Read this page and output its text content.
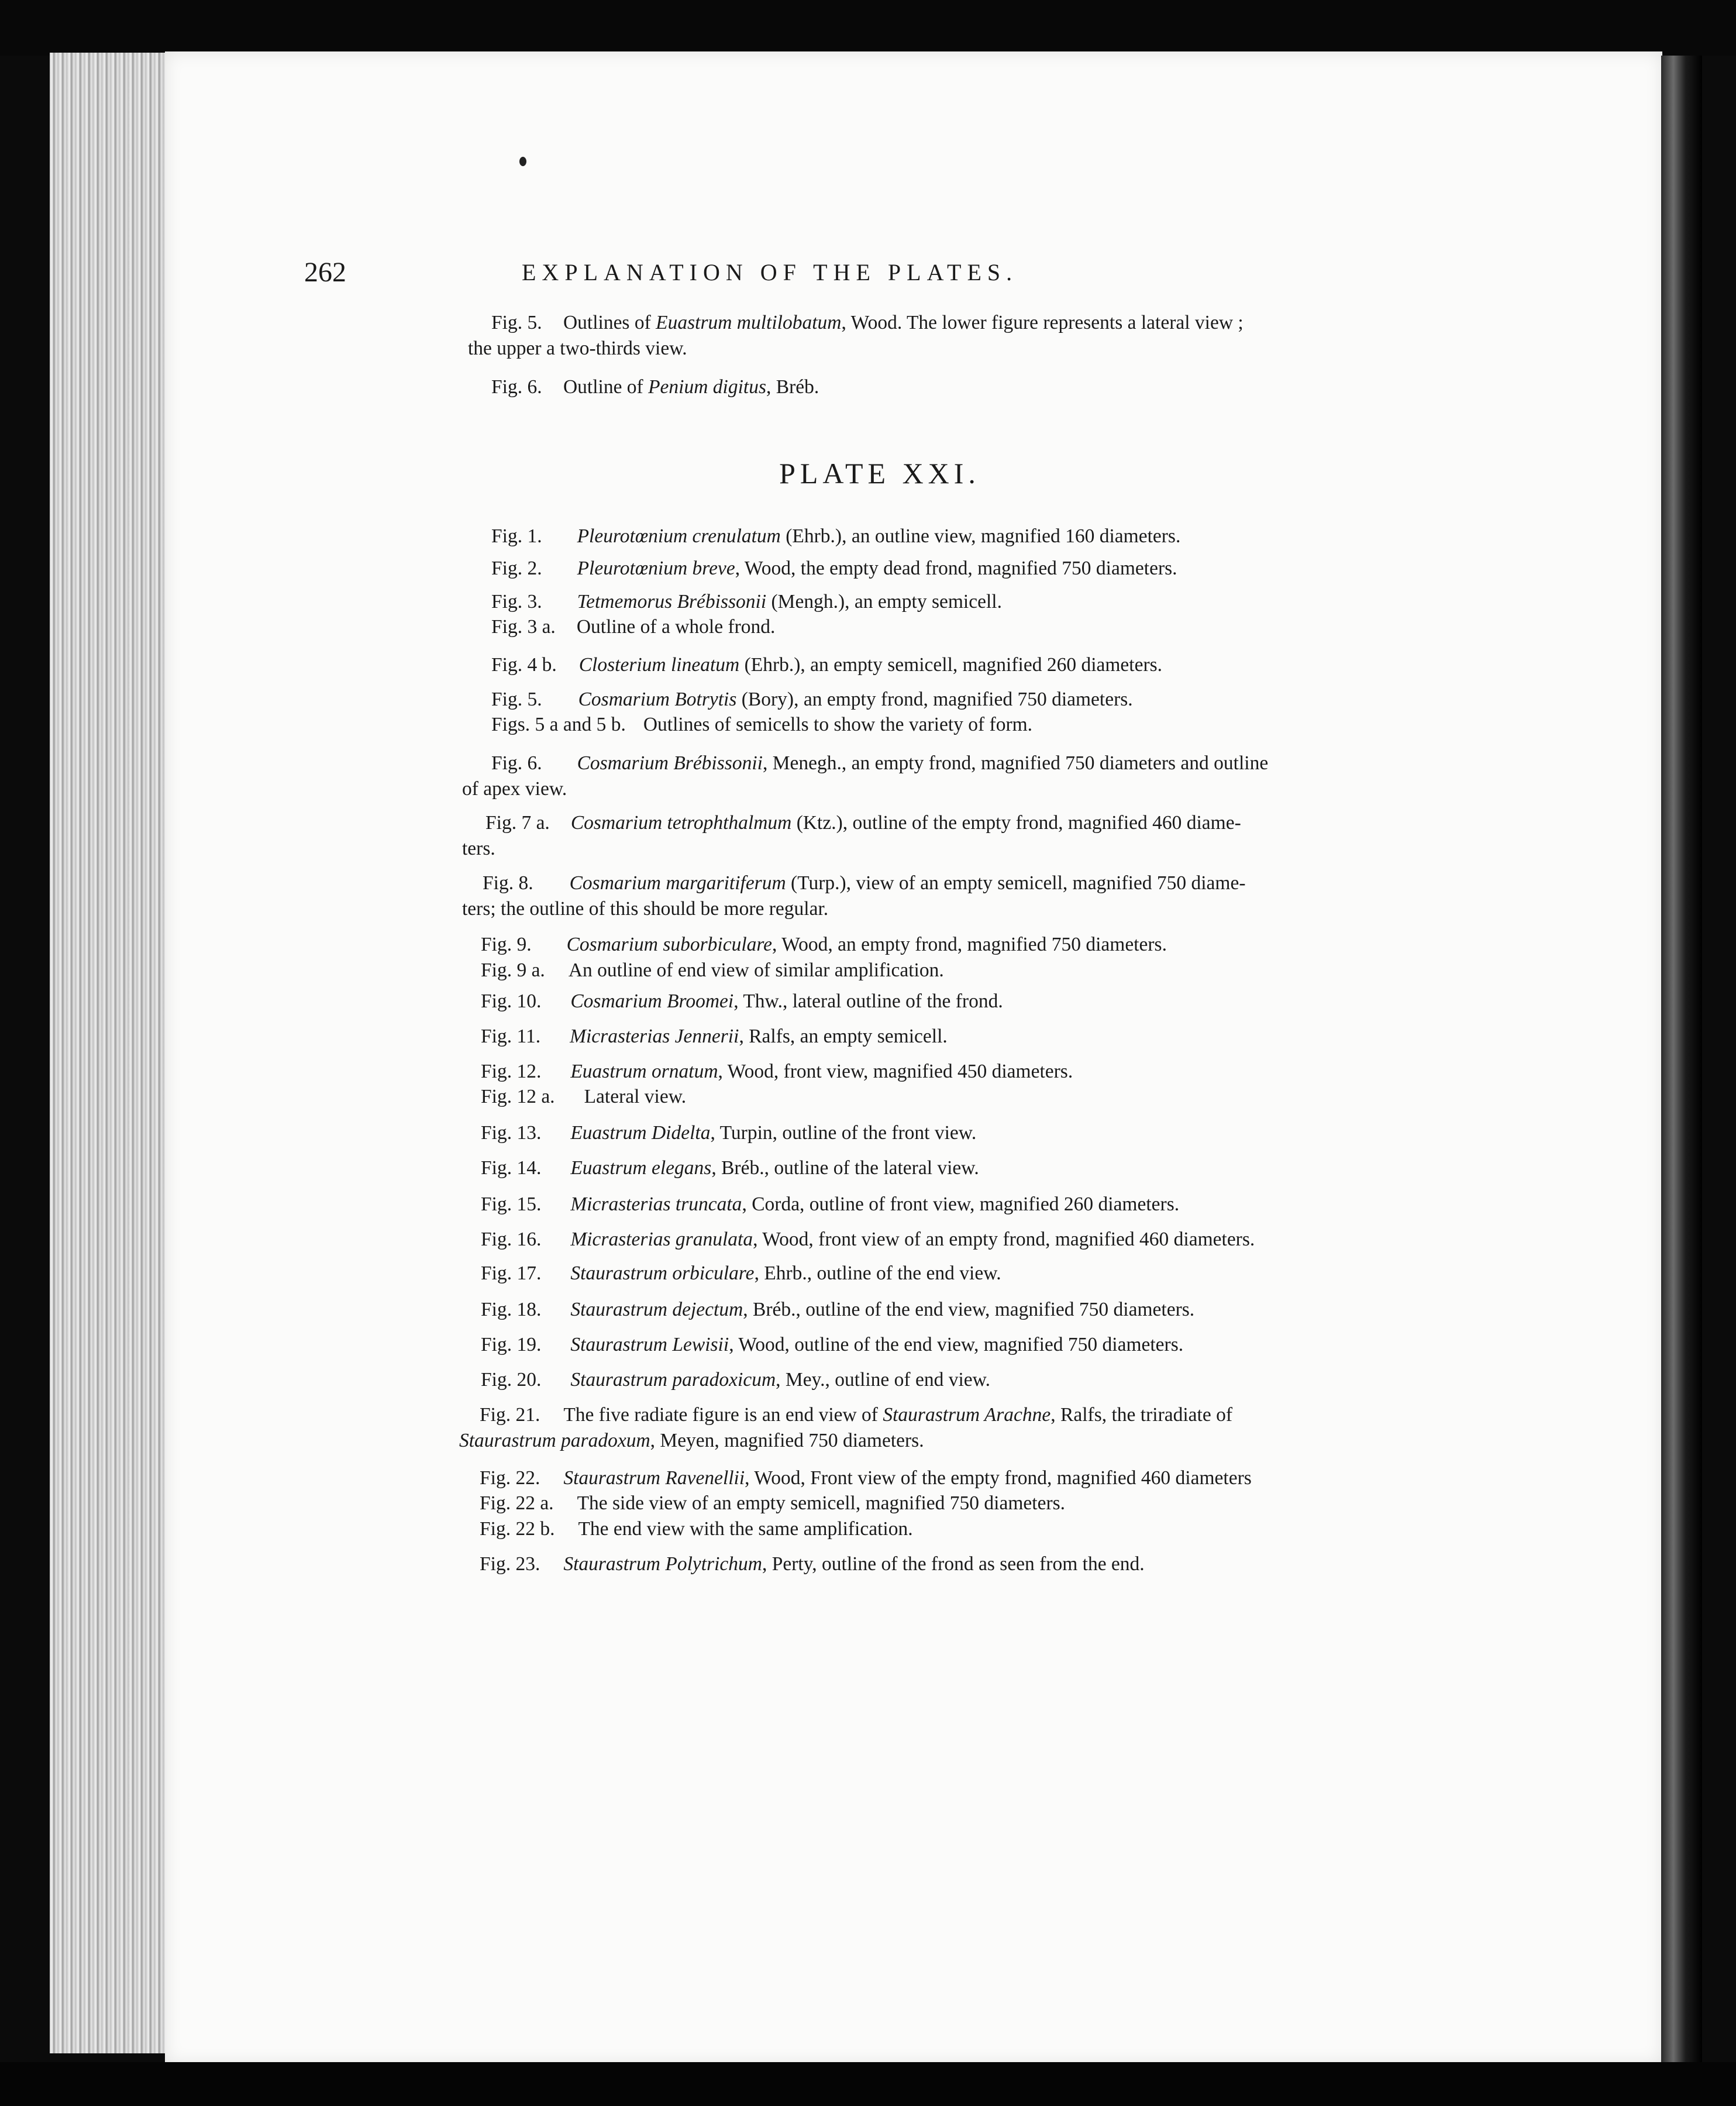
262	EXPLANATION OF THE PLATES.
Fig. 5. Outlines of Euastrum multilobatum, Wood. The lower figure represents a lateral view ;
the upper a two-thirds view.
Fig. 6. Outline of Penium digitus, Bréb.
PLATE XXI.
Fig. 1. Pleurotœnium crenulatum (Ehrb.), an outline view, magnified 160 diameters.
Fig. 2. Pleurotœnium breve, Wood, the empty dead frond, magnified 750 diameters.
Fig. 3. Tetmemorus Brébissonii (Mengh.), an empty semicell.
Fig. 3 a. Outline of a whole frond.
Fig. 4 b. Closterium lineatum (Ehrb.), an empty semicell, magnified 260 diameters.
Fig. 5. Cosmarium Botrytis (Bory), an empty frond, magnified 750 diameters.
Figs. 5 a and 5 b. Outlines of semicells to show the variety of form.
Fig. 6. Cosmarium Brébissonii, Menegh., an empty frond, magnified 750 diameters and outline
of apex view.
Fig. 7 a. Cosmarium tetrophthalmum (Ktz.), outline of the empty frond, magnified 460 diame-
ters.
Fig. 8. Cosmarium margaritiferum (Turp.), view of an empty semicell, magnified 750 diame-
ters; the outline of this should be more regular.
Fig. 9. Cosmarium suborbiculare, Wood, an empty frond, magnified 750 diameters.
Fig. 9 a. An outline of end view of similar amplification.
Fig. 10. Cosmarium Broomei, Thw., lateral outline of the frond.
Fig. 11. Micrasterias Jennerii, Ralfs, an empty semicell.
Fig. 12. Euastrum ornatum, Wood, front view, magnified 450 diameters.
Fig. 12 a. Lateral view.
Fig. 13. Euastrum Didelta, Turpin, outline of the front view.
Fig. 14. Euastrum elegans, Bréb., outline of the lateral view.
Fig. 15. Micrasterias truncata, Corda, outline of front view, magnified 260 diameters.
Fig. 16. Micrasterias granulata, Wood, front view of an empty frond, magnified 460 diameters.
Fig. 17. Staurastrum orbiculare, Ehrb., outline of the end view.
Fig. 18. Staurastrum dejectum, Bréb., outline of the end view, magnified 750 diameters.
Fig. 19. Staurastrum Lewisii, Wood, outline of the end view, magnified 750 diameters.
Fig. 20. Staurastrum paradoxicum, Mey., outline of end view.
Fig. 21. The five radiate figure is an end view of Staurastrum Arachne, Ralfs, the triradiate of
Staurastrum paradoxum, Meyen, magnified 750 diameters.
Fig. 22. Staurastrum Ravenellii, Wood, Front view of the empty frond, magnified 460 diameters
Fig. 22 a. The side view of an empty semicell, magnified 750 diameters.
Fig. 22 b. The end view with the same amplification.
Fig. 23. Staurastrum Polytrichum, Perty, outline of the frond as seen from the end.
